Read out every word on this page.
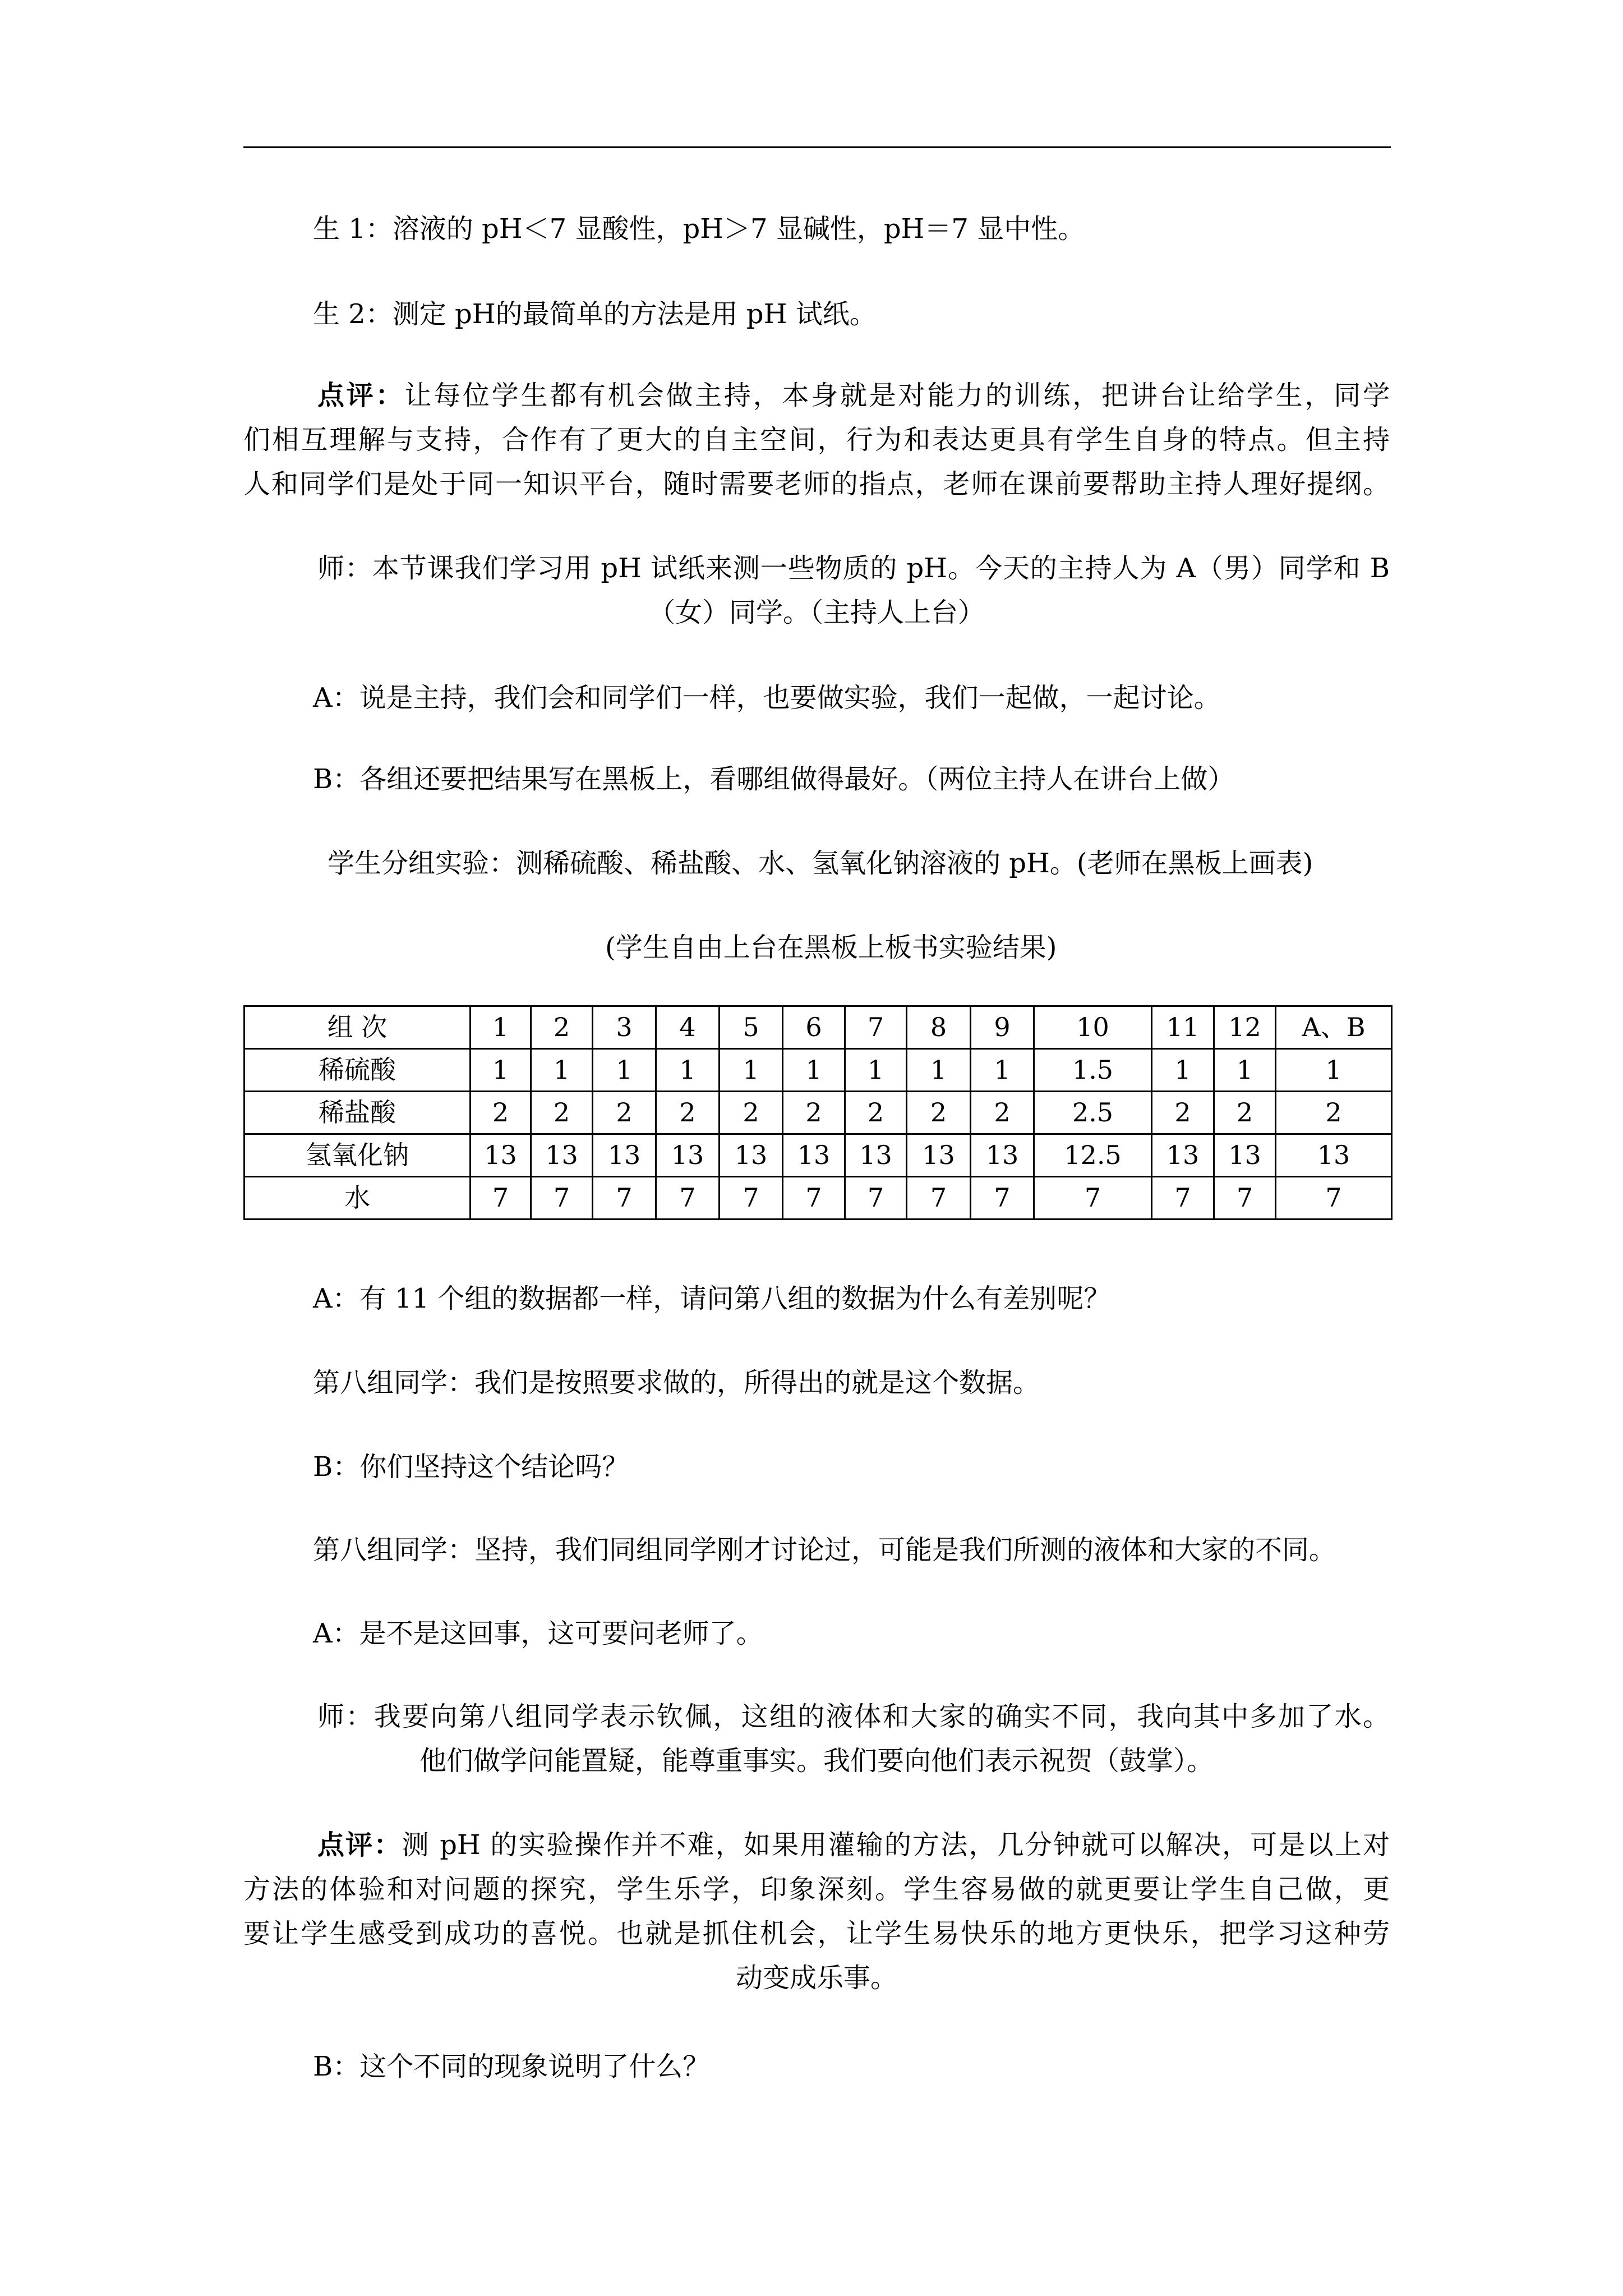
生 1：溶液的 pH＜7 显酸性，pH＞7 显碱性，pH＝7 显中性。
生 2：测定 pH的最简单的方法是用 pH 试纸。
点评：让每位学生都有机会做主持，本身就是对能力的训练，把讲台让给学生，同学
们相互理解与支持，合作有了更大的自主空间，行为和表达更具有学生自身的特点。但主持
人和同学们是处于同一知识平台，随时需要老师的指点，老师在课前要帮助主持人理好提纲。
师：本节课我们学习用 pH 试纸来测一些物质的 pH。今天的主持人为 A（男）同学和 B
（女）同学。（主持人上台）
A：说是主持，我们会和同学们一样，也要做实验，我们一起做，一起讨论。
B：各组还要把结果写在黑板上，看哪组做得最好。（两位主持人在讲台上做）
学生分组实验：测稀硫酸、稀盐酸、水、氢氧化钠溶液的 pH。(老师在黑板上画表)
(学生自由上台在黑板上板书实验结果)
组 次	1	2	3	4	5	6	7	8	9	10	11	12	A、B
稀硫酸	1	1	1	1	1	1	1	1	1	1.5	1	1	1
稀盐酸	2	2	2	2	2	2	2	2	2	2.5	2	2	2
氢氧化钠	13	13	13	13	13	13	13	13	13	12.5	13	13	13
水	7	7	7	7	7	7	7	7	7	7	7	7	7
A：有 11 个组的数据都一样，请问第八组的数据为什么有差别呢？
第八组同学：我们是按照要求做的，所得出的就是这个数据。
B：你们坚持这个结论吗？
第八组同学：坚持，我们同组同学刚才讨论过，可能是我们所测的液体和大家的不同。
A：是不是这回事，这可要问老师了。
师：我要向第八组同学表示钦佩，这组的液体和大家的确实不同，我向其中多加了水。
他们做学问能置疑，能尊重事实。我们要向他们表示祝贺（鼓掌）。
点评：测 pH 的实验操作并不难，如果用灌输的方法，几分钟就可以解决，可是以上对
方法的体验和对问题的探究，学生乐学，印象深刻。学生容易做的就更要让学生自己做，更
要让学生感受到成功的喜悦。也就是抓住机会，让学生易快乐的地方更快乐，把学习这种劳
动变成乐事。
B：这个不同的现象说明了什么？
